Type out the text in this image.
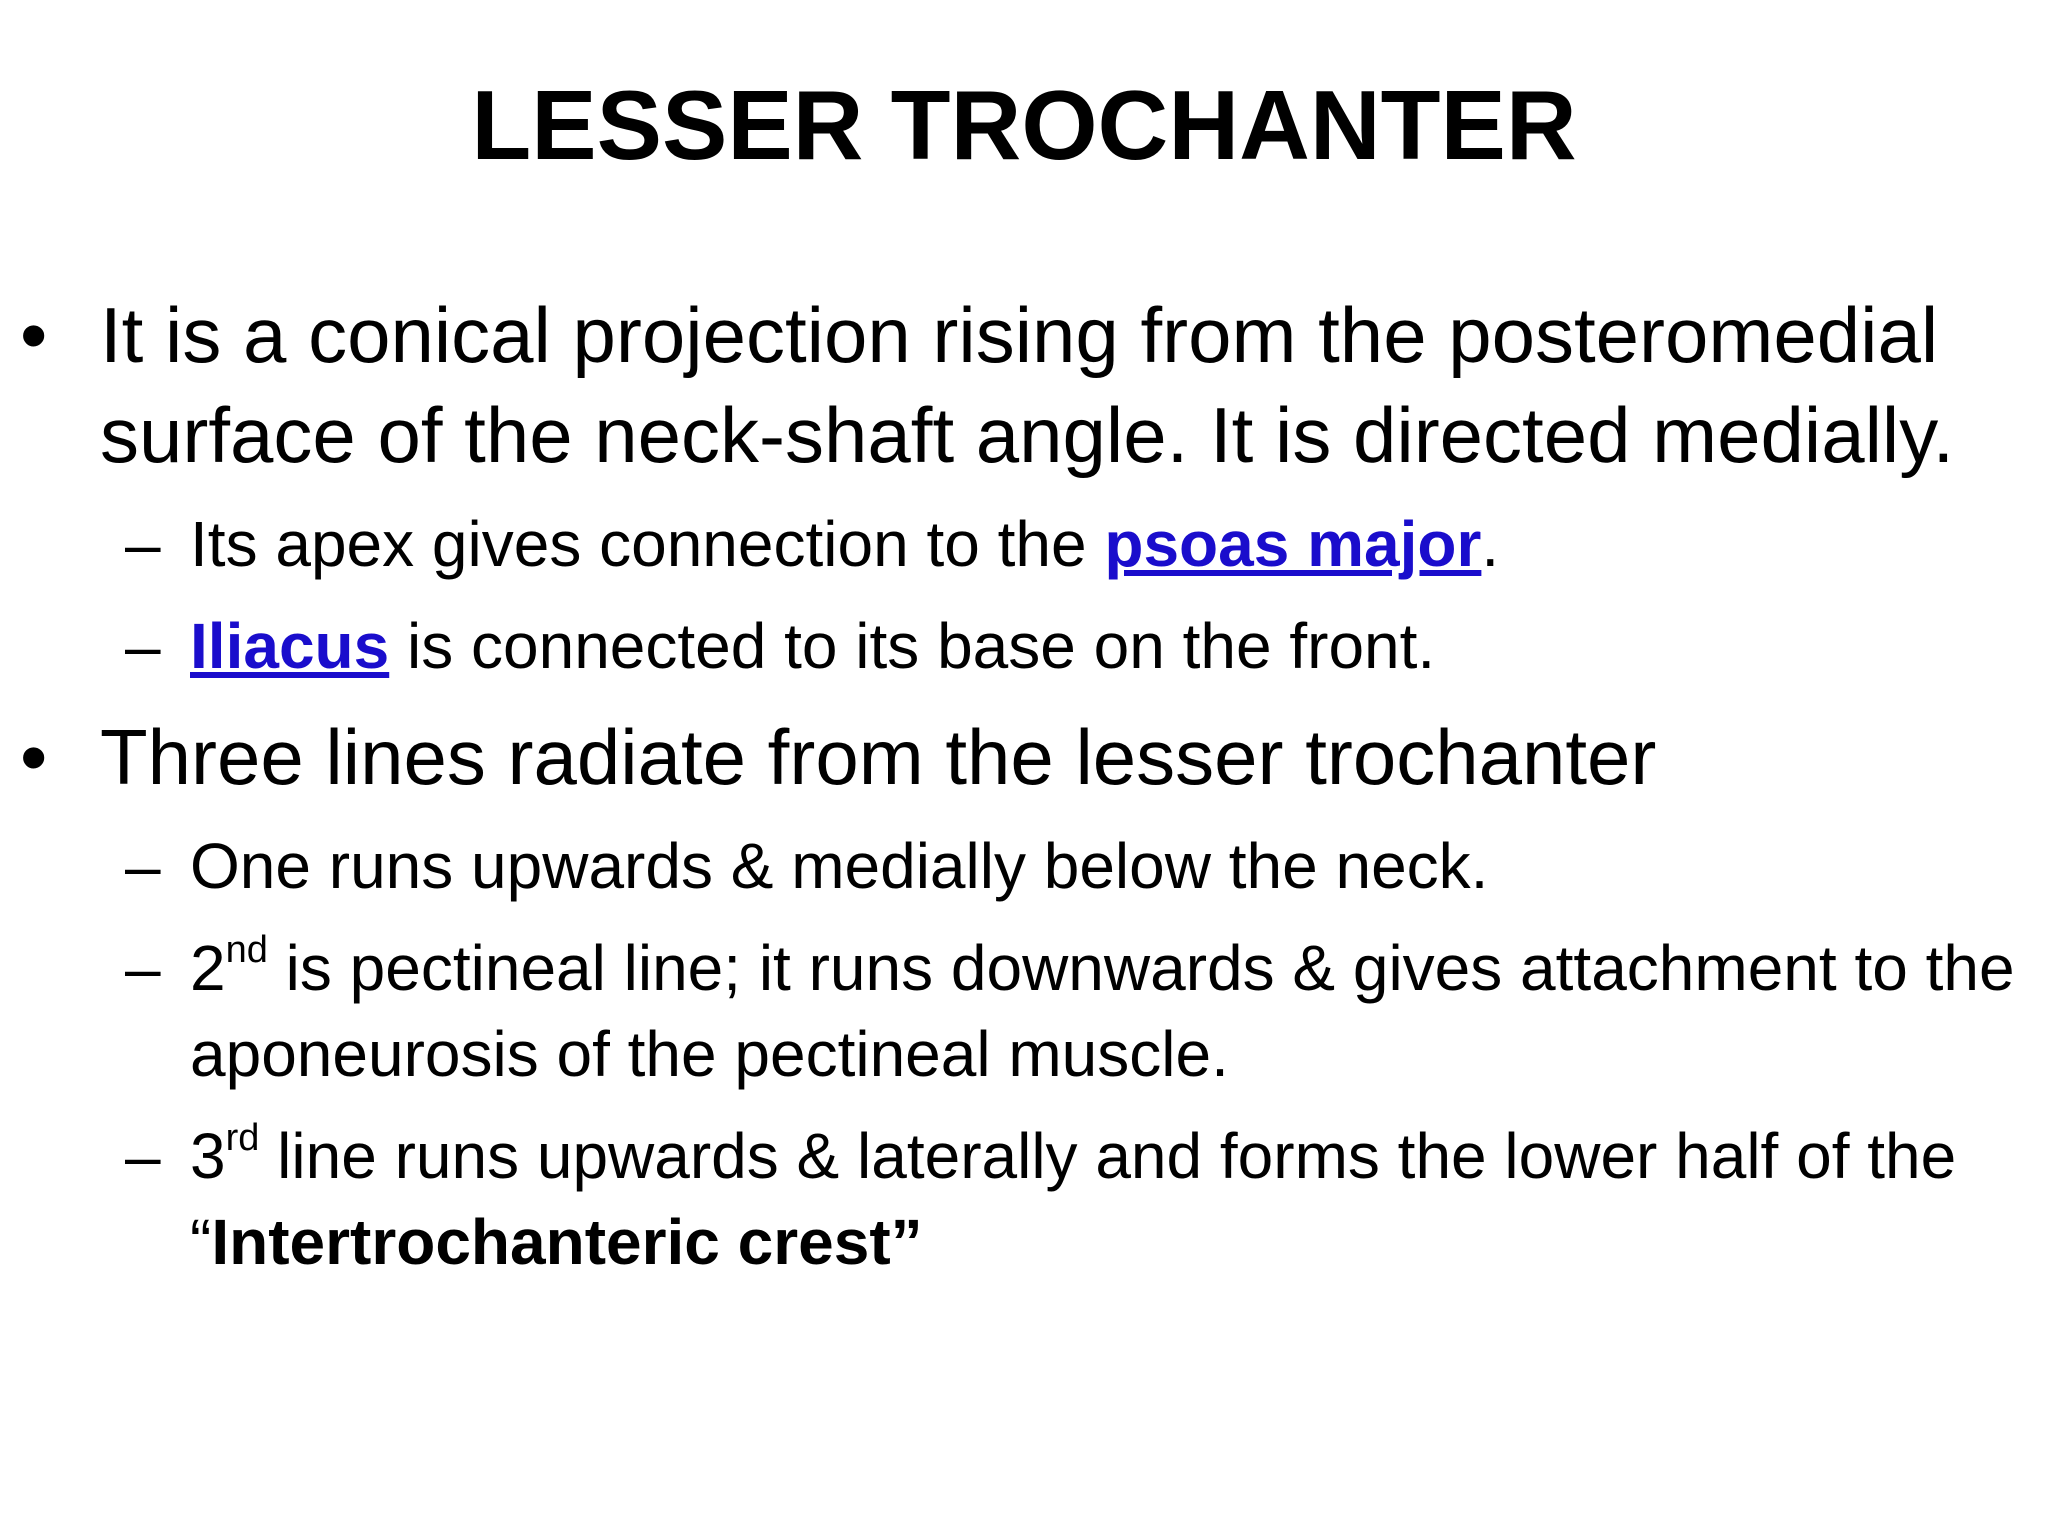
LESSER TROCHANTER
• It is a conical projection rising from the posteromedial surface of the neck-shaft angle. It is directed medially.
– Its apex gives connection to the psoas major.
– Iliacus is connected to its base on the front.
• Three lines radiate from the lesser trochanter
– One runs upwards & medially below the neck.
– 2nd is pectineal line; it runs downwards & gives attachment to the aponeurosis of the pectineal muscle.
– 3rd line runs upwards & laterally and forms the lower half of the “Intertrochanteric crest”
